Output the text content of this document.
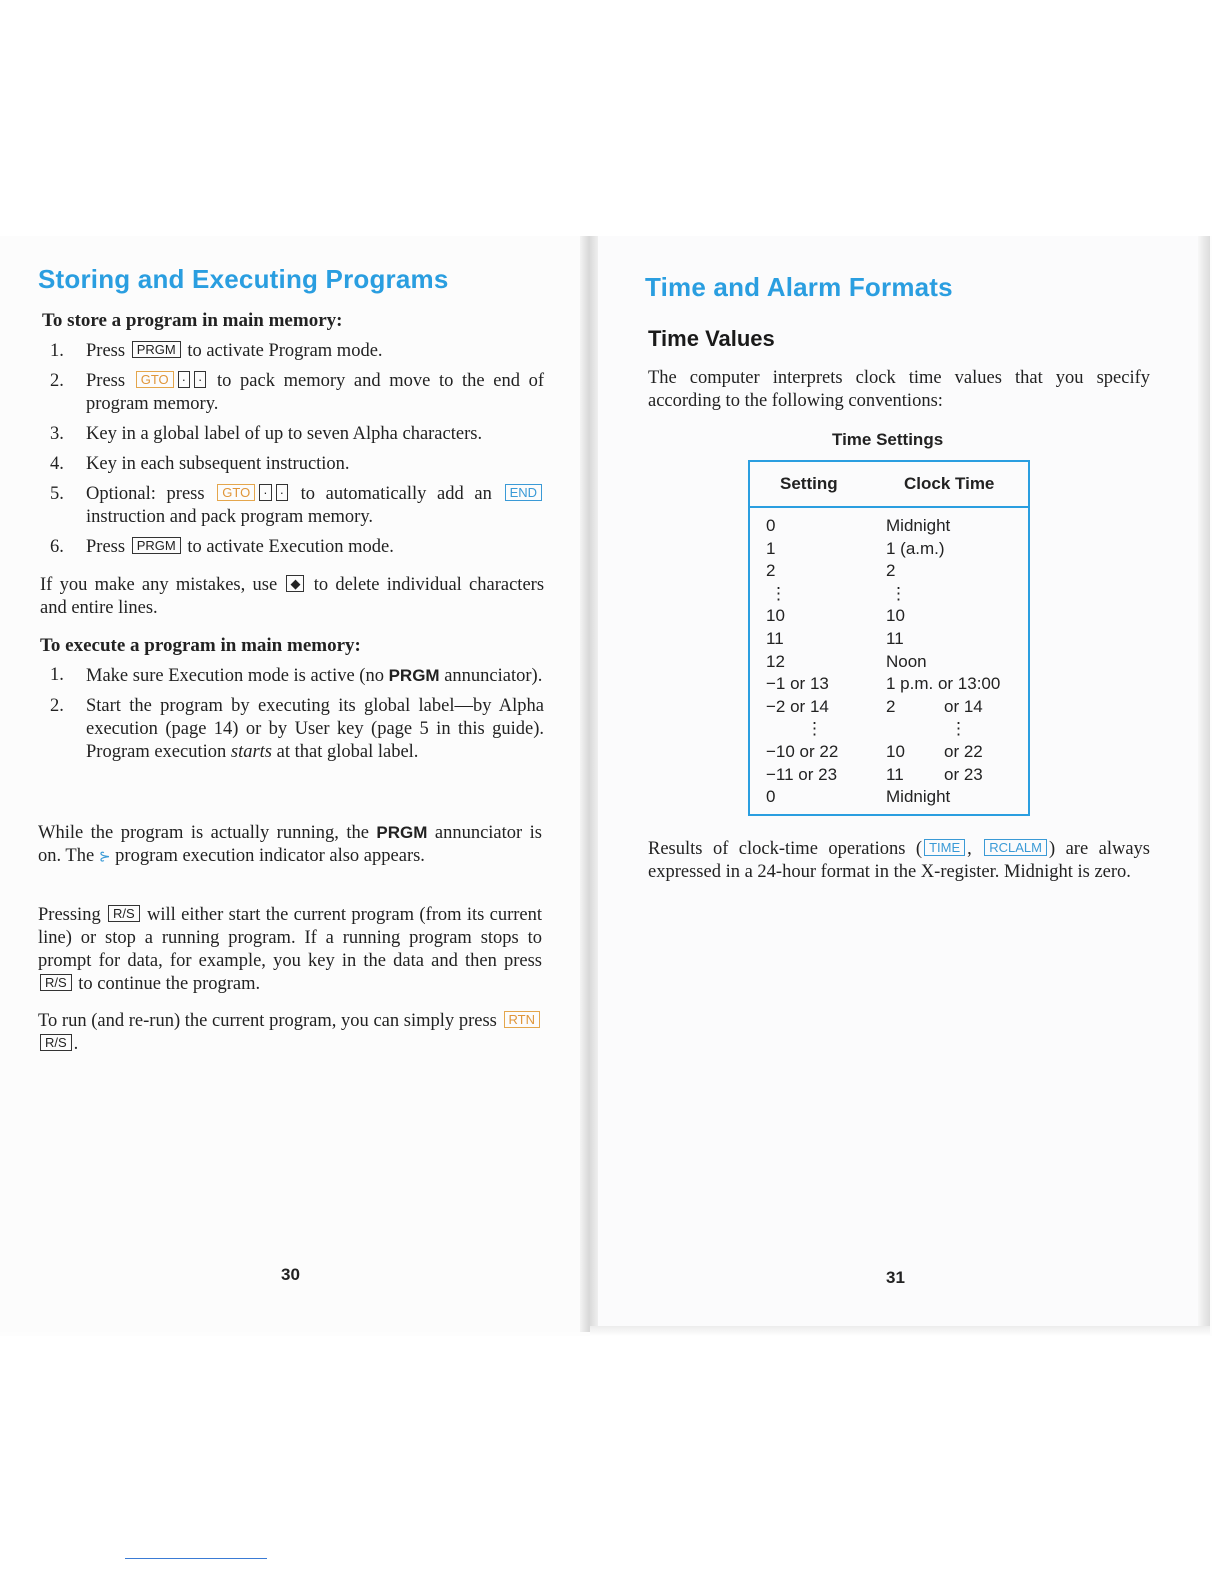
Storing and Executing Programs
To store a program in main memory:
1. Press PRGM to activate Program mode.
2. Press GTO · · to pack memory and move to the end of program memory.
3. Key in a global label of up to seven Alpha characters.
4. Key in each subsequent instruction.
5. Optional: press GTO · · to automatically add an END instruction and pack program memory.
6. Press PRGM to activate Execution mode.

If you make any mistakes, use ◆ to delete individual characters and entire lines.

To execute a program in main memory:
1. Make sure Execution mode is active (no PRGM annunciator).
2. Start the program by executing its global label—by Alpha execution (page 14) or by User key (page 5 in this guide). Program execution starts at that global label.

While the program is actually running, the PRGM annunciator is on. The ⊱ program execution indicator also appears.

Pressing R/S will either start the current program (from its current line) or stop a running program. If a running program stops to prompt for data, for example, you key in the data and then press R/S to continue the program.

To run (and re-run) the current program, you can simply press RTNR/S .

30
Time and Alarm Formats
Time Values

The computer interprets clock time values that you specify according to the following conventions:

Time Settings
Setting	Clock Time
0	Midnight
1	1 (a.m.)
2	2
⋮	⋮
10	10
11	11
12	Noon
−1 or 13	1 p.m. or 13:00
−2 or 14	2	or 14
⋮	⋮
−10 or 22	10 or 22
−11 or 23	11 or 23
0	Midnight

Results of clock-time operations ( TIME , RCLALM ) are always expressed in a 24-hour format in the X-register. Midnight is zero.

31
